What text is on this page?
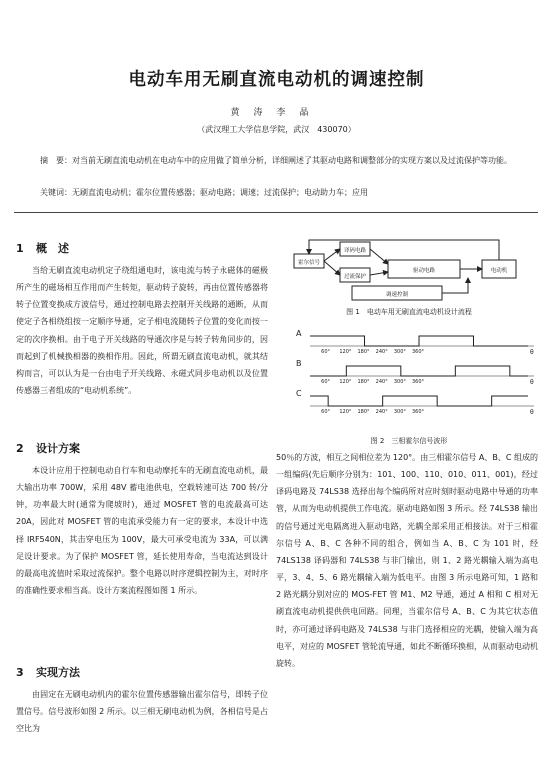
电动车用无刷直流电动机的调速控制
黄涛李晶
（武汉理工大学信息学院，武汉　430070）
摘　要：对当前无刷直流电动机在电动车中的应用做了简单分析，详细阐述了其驱动电路和调整部分的实现方案以及过流保护等功能。
关键词：无刷直流电动机；霍尔位置传感器；驱动电路；调速；过流保护；电动助力车；应用
1 概　述

当给无刷直流电动机定子绕组通电时，该电流与转子永磁体的磁极所产生的磁场相互作用而产生转矩，驱动转子旋转，再由位置传感器将转子位置变换成方波信号，通过控制电路去控制开关线路的通断，从而使定子各相绕组按一定顺序导通，定子相电流随转子位置的变化而按一定的次序换相。由于电子开关线路的导通次序是与转子转角同步的，因而起到了机械换相器的换相作用。因此，所谓无刷直流电动机，就其结构而言，可以认为是一台由电子开关线路、永磁式同步电动机以及位置传感器三者组成的“电动机系统”。

2 设计方案

本设计应用于控制电动自行车和电动摩托车的无刷直流电动机，最大输出功率 700W，采用 48V 蓄电池供电，空载转速可达 700 转/分钟，功率最大时(通常为爬坡时)，通过 MOSFET 管的电流最高可达 20A，因此对 MOSFET 管的电流承受能力有一定的要求，本设计中选择 IRF540N，其击穿电压为 100V，最大可承受电流为 33A，可以满足设计要求。为了保护 MOSFET 管，延长使用寿命，当电流达到设计的最高电流值时采取过流保护。整个电路以时序逻辑控制为主，对时序的准确性要求相当高。设计方案流程图如图 1 所示。

3 实现方法

由固定在无刷电动机内的霍尔位置传感器输出霍尔信号，即转子位置信号。信号波形如图 2 所示。以三相无刷电动机为例，各相信号是占空比为

霍尔信号
译码电路
驱动电路	电动机
过流保护
调速控制
图 1　电动车用无刷直流电动机设计流程
A
θ
60° 120° 180° 240° 300° 360°
B
θ
60° 120° 180° 240° 300° 360°
C
θ
60° 120° 180° 240° 300° 360°
图 2　三相霍尔信号波形

50％的方波，相互之间相位差为 120°。由三相霍尔信号 A、B、C 组成的一组编码(先后顺序分别为：101、100、110、010、011、001)，经过译码电路及 74LS38 选择出每个编码所对应时刻时驱动电路中导通的功率管，从而为电动机提供工作电流。驱动电路如图 3 所示。经 74LS38 输出的信号通过光电隔离进入驱动电路，光耦全部采用正相接法。对于三相霍尔信号 A、B、C 各种不同的组合，例如当 A、B、C 为 101 时，经 74LS138 译码器和 74LS38 与非门输出，则 1、2 路光耦输入端为高电平，3、4、5、6 路光耦输入端为低电平。由图 3 所示电路可知，1 路和 2 路光耦分别对应的 MOS-FET 管 M1、M2 导通，通过 A 相和 C 相对无刷直流电动机提供供电回路。同理，当霍尔信号 A、B、C 为其它状态值时，亦可通过译码电路及 74LS38 与非门选择相应的光耦，使输入端为高电平，对应的 MOSFET 管轮流导通，如此不断循环换相，从而驱动电动机旋转。
